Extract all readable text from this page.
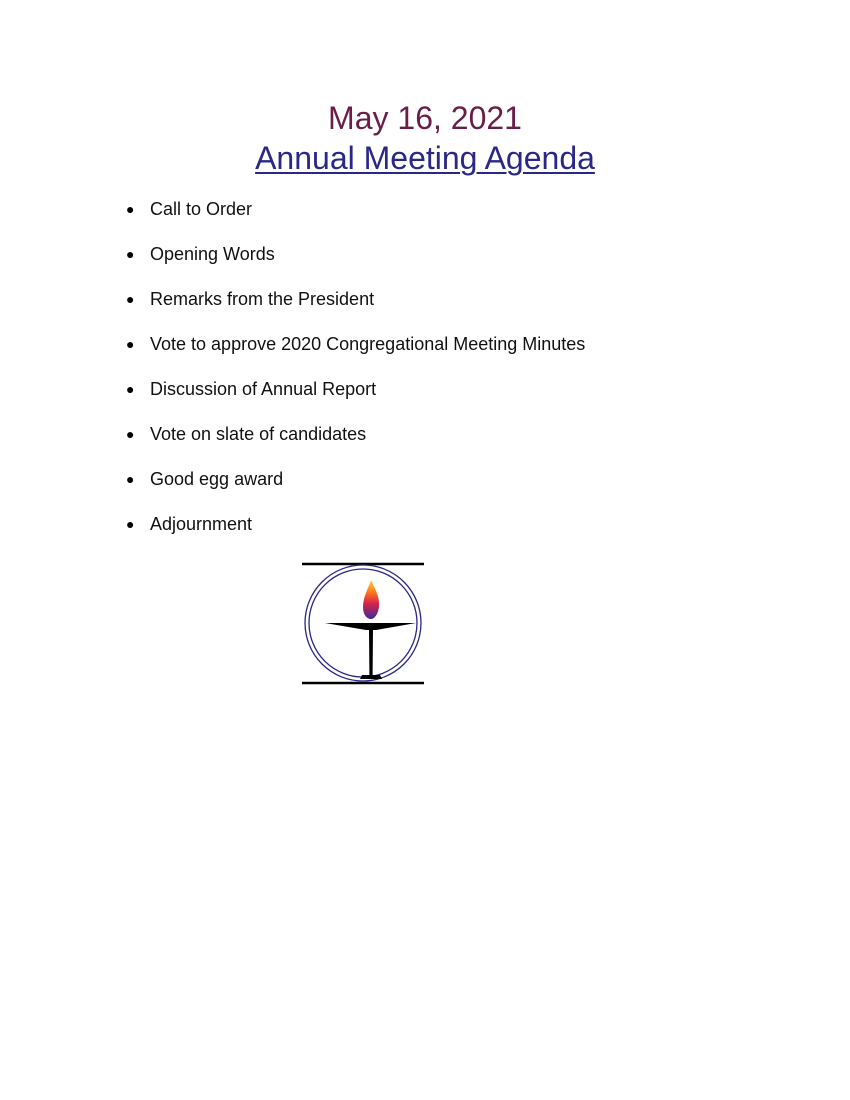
May 16, 2021
Annual Meeting Agenda
● Call to Order
● Opening Words
● Remarks from the President
● Vote to approve 2020 Congregational Meeting Minutes
● Discussion of Annual Report
● Vote on slate of candidates
● Good egg award
● Adjournment
